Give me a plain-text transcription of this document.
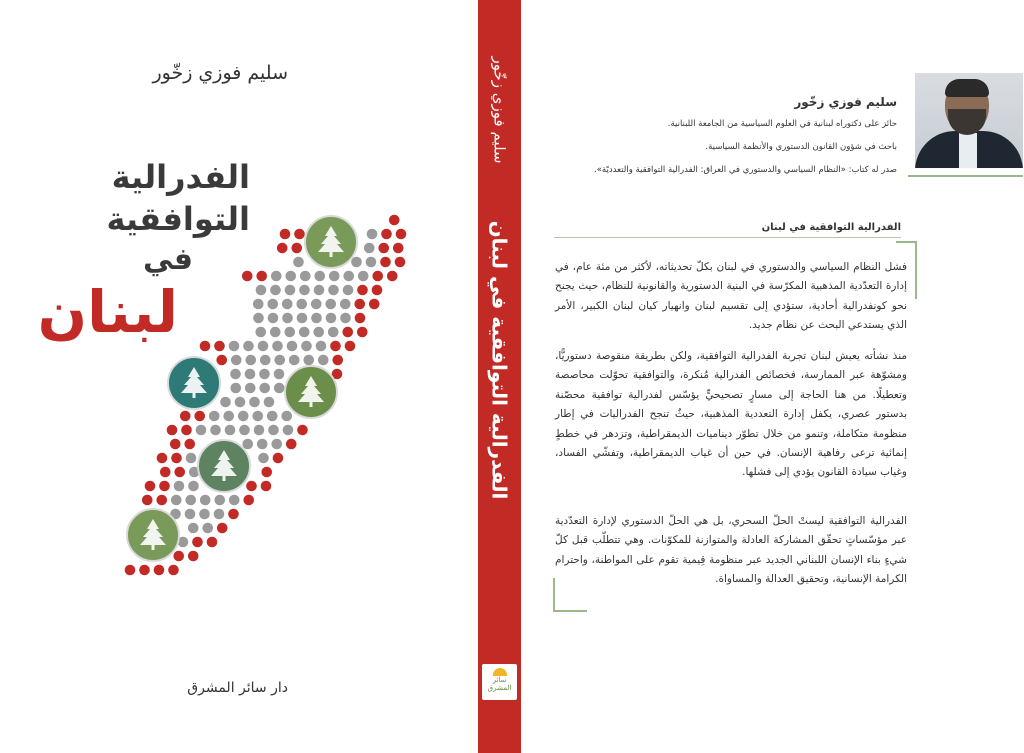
سليم فوزي زخّور
الفدرالية
التوافقية
في
لبنان
دار سائر المشرق
سليم فوزي زخّور
الفدرالية التوافقية في لبنان
سائر المشرق
سليم فوزي زخّور
حائز على دكتوراه لبنانية في العلوم السياسية من الجامعة اللبنانية.
باحث في شؤون القانون الدستوري والأنظمة السياسية.
صدر له كتاب: «النظام السياسي والدستوري في العراق: الفدرالية التوافقية والتعدديّة».
الفدرالية التوافقية في لبنان
فشل النظام السياسي والدستوري في لبنان بكلّ تحديثاته، لأكثر من مئة عام، في إدارة التعدّدية المذهبية المكرّسة في البنية الدستورية والقانونية للنظام، حيث يجنح نحو كونفدرالية أحادية، ستؤدي إلى تقسيم لبنان وانهيار كيان لبنان الكبير، الأمر الذي يستدعي البحث عن نظام جديد.
منذ نشأته يعيش لبنان تجربة الفدرالية التوافقية، ولكن بطريقة منقوصة دستوريًّا، ومشوّهة عبر الممارسة، فخصائص الفدرالية مُنكرة، والتوافقية تحوّلت محاصصة وتعطيلًا. من هنا الحاجة إلى مسارٍ تصحيحيٍّ يؤسّس لفدرالية توافقية محصّنة بدستور عصري، يكفل إدارة التعددية المذهبية، حيثُ تنجح الفدراليات في إطار منظومة متكاملة، وتنمو من خلال تطوّر ديناميات الديمقراطية، وتزدهر في خططٍ إنمائية ترعى رفاهية الإنسان. في حين أن غياب الديمقراطية، وتفشّي الفساد، وغياب سيادة القانون يؤدي إلى فشلها.
الفدرالية التوافقية ليستْ الحلّ السحري، بل هي الحلّ الدستوري لإدارة التعدّدية عبر مؤسّساتٍ تحقّق المشاركة العادلة والمتوازنة للمكوّنات. وهي تتطلّب قبل كلّ شيءٍ بناء الإنسان اللبناني الجديد عبر منظومة قِيمية تقوم على المواطنة، واحترام الكرامة الإنسانية، وتحقيق العدالة والمساواة.
